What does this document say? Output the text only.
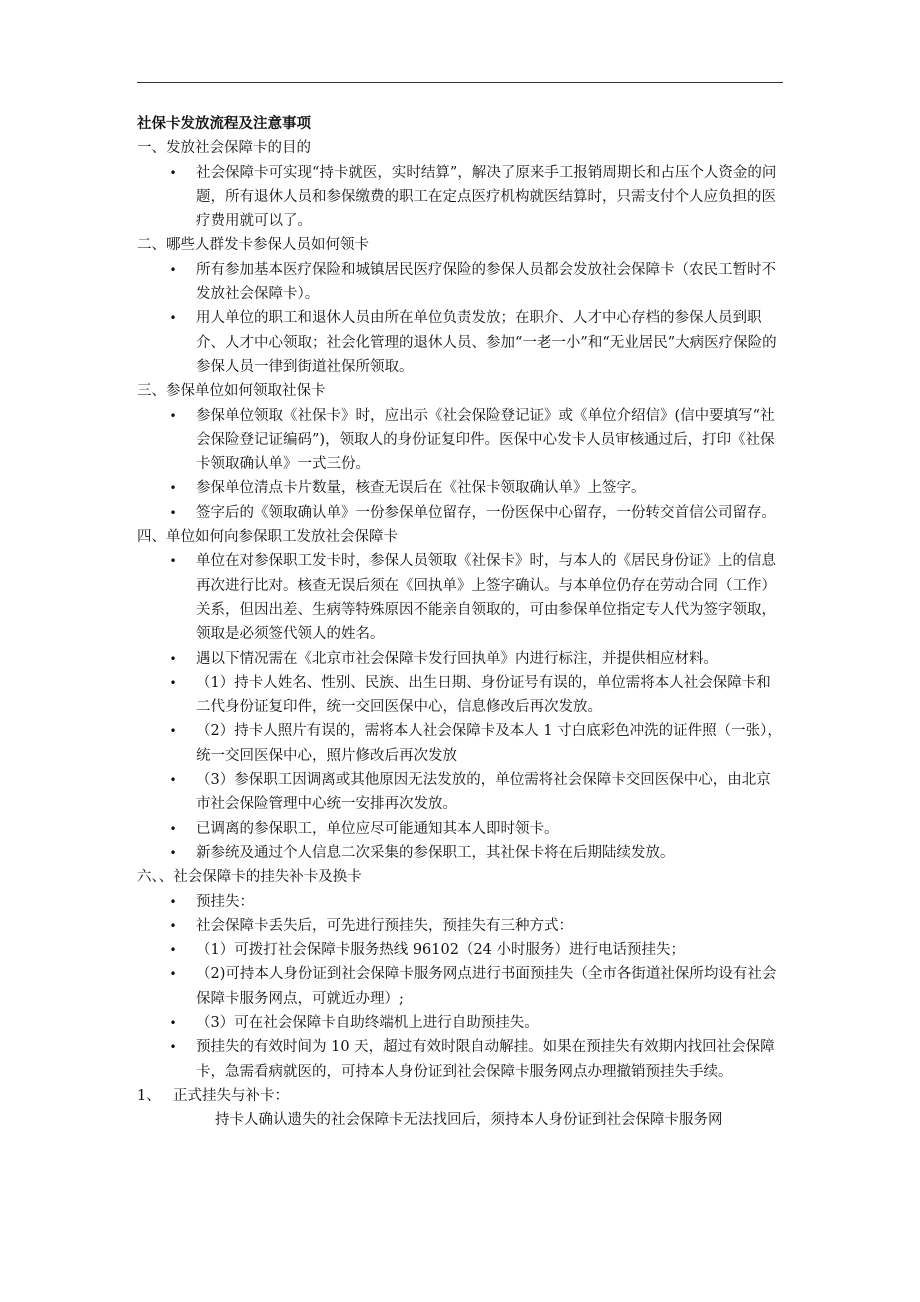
社保卡发放流程及注意事项
一、发放社会保障卡的目的
• 社会保障卡可实现“持卡就医，实时结算”，解决了原来手工报销周期长和占压个人资金的问题，所有退休人员和参保缴费的职工在定点医疗机构就医结算时，只需支付个人应负担的医疗费用就可以了。
二、哪些人群发卡参保人员如何领卡
• 所有参加基本医疗保险和城镇居民医疗保险的参保人员都会发放社会保障卡（农民工暂时不发放社会保障卡）。
• 用人单位的职工和退休人员由所在单位负责发放；在职介、人才中心存档的参保人员到职介、人才中心领取；社会化管理的退休人员、参加“一老一小”和“无业居民”大病医疗保险的参保人员一律到街道社保所领取。
三、参保单位如何领取社保卡
• 参保单位领取《社保卡》时，应出示《社会保险登记证》或《单位介绍信》(信中要填写“社会保险登记证编码”)，领取人的身份证复印件。医保中心发卡人员审核通过后，打印《社保卡领取确认单》一式三份。
• 参保单位清点卡片数量，核查无误后在《社保卡领取确认单》上签字。
• 签字后的《领取确认单》一份参保单位留存，一份医保中心留存，一份转交首信公司留存。
四、单位如何向参保职工发放社会保障卡
• 单位在对参保职工发卡时，参保人员领取《社保卡》时，与本人的《居民身份证》上的信息再次进行比对。核查无误后须在《回执单》上签字确认。与本单位仍存在劳动合同（工作）关系，但因出差、生病等特殊原因不能亲自领取的，可由参保单位指定专人代为签字领取，领取是必须签代领人的姓名。
• 遇以下情况需在《北京市社会保障卡发行回执单》内进行标注，并提供相应材料。
• （1）持卡人姓名、性别、民族、出生日期、身份证号有误的，单位需将本人社会保障卡和二代身份证复印件，统一交回医保中心，信息修改后再次发放。
• （2）持卡人照片有误的，需将本人社会保障卡及本人 1 寸白底彩色冲洗的证件照（一张），统一交回医保中心，照片修改后再次发放
• （3）参保职工因调离或其他原因无法发放的，单位需将社会保障卡交回医保中心，由北京市社会保险管理中心统一安排再次发放。
• 已调离的参保职工，单位应尽可能通知其本人即时领卡。
• 新参统及通过个人信息二次采集的参保职工，其社保卡将在后期陆续发放。
六、、社会保障卡的挂失补卡及换卡
• 预挂失：
• 社会保障卡丢失后，可先进行预挂失，预挂失有三种方式：
• （1）可拨打社会保障卡服务热线 96102（24 小时服务）进行电话预挂失；
• （2)可持本人身份证到社会保障卡服务网点进行书面预挂失（全市各街道社保所均设有社会保障卡服务网点，可就近办理）;
• （3）可在社会保障卡自助终端机上进行自助预挂失。
• 预挂失的有效时间为 10 天，超过有效时限自动解挂。如果在预挂失有效期内找回社会保障卡，急需看病就医的，可持本人身份证到社会保障卡服务网点办理撤销预挂失手续。
1、 正式挂失与补卡：
持卡人确认遗失的社会保障卡无法找回后，须持本人身份证到社会保障卡服务网
